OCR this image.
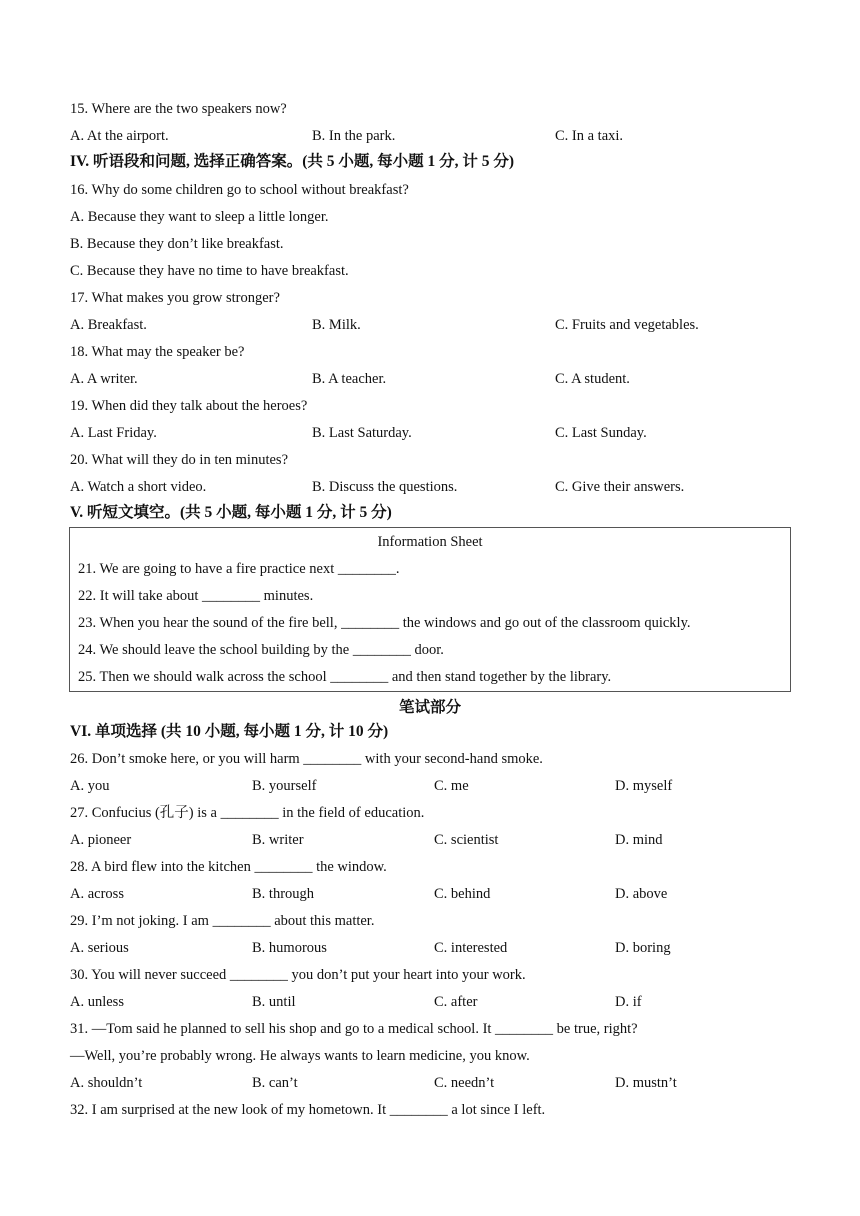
15. Where are the two speakers now?
A. At the airport.	B. In the park.	C. In a taxi.
IV. 听语段和问题, 选择正确答案。(共 5 小题, 每小题 1 分, 计 5 分)
16. Why do some children go to school without breakfast?
A. Because they want to sleep a little longer.
B. Because they don’t like breakfast.
C. Because they have no time to have breakfast.
17. What makes you grow stronger?
A. Breakfast.	B. Milk.	C. Fruits and vegetables.
18. What may the speaker be?
A. A writer.	B. A teacher.	C. A student.
19. When did they talk about the heroes?
A. Last Friday.	B. Last Saturday.	C. Last Sunday.
20. What will they do in ten minutes?
A. Watch a short video.	B. Discuss the questions.	C. Give their answers.
V. 听短文填空。(共 5 小题, 每小题 1 分, 计 5 分)
Information Sheet
21. We are going to have a fire practice next ________.
22. It will take about ________ minutes.
23. When you hear the sound of the fire bell, ________ the windows and go out of the classroom quickly.
24. We should leave the school building by the ________ door.
25. Then we should walk across the school ________ and then stand together by the library.
笔试部分
VI. 单项选择 (共 10 小题, 每小题 1 分, 计 10 分)
26. Don’t smoke here, or you will harm ________ with your second-hand smoke.
A. you	B. yourself	C. me	D. myself
27. Confucius (孔子) is a ________ in the field of education.
A. pioneer	B. writer	C. scientist	D. mind
28. A bird flew into the kitchen ________ the window.
A. across	B. through	C. behind	D. above
29. I’m not joking. I am ________ about this matter.
A. serious	B. humorous	C. interested	D. boring
30. You will never succeed ________ you don’t put your heart into your work.
A. unless	B. until	C. after	D. if
31. —Tom said he planned to sell his shop and go to a medical school. It ________ be true, right?
—Well, you’re probably wrong. He always wants to learn medicine, you know.
A. shouldn’t	B. can’t	C. needn’t	D. mustn’t
32. I am surprised at the new look of my hometown. It ________ a lot since I left.
